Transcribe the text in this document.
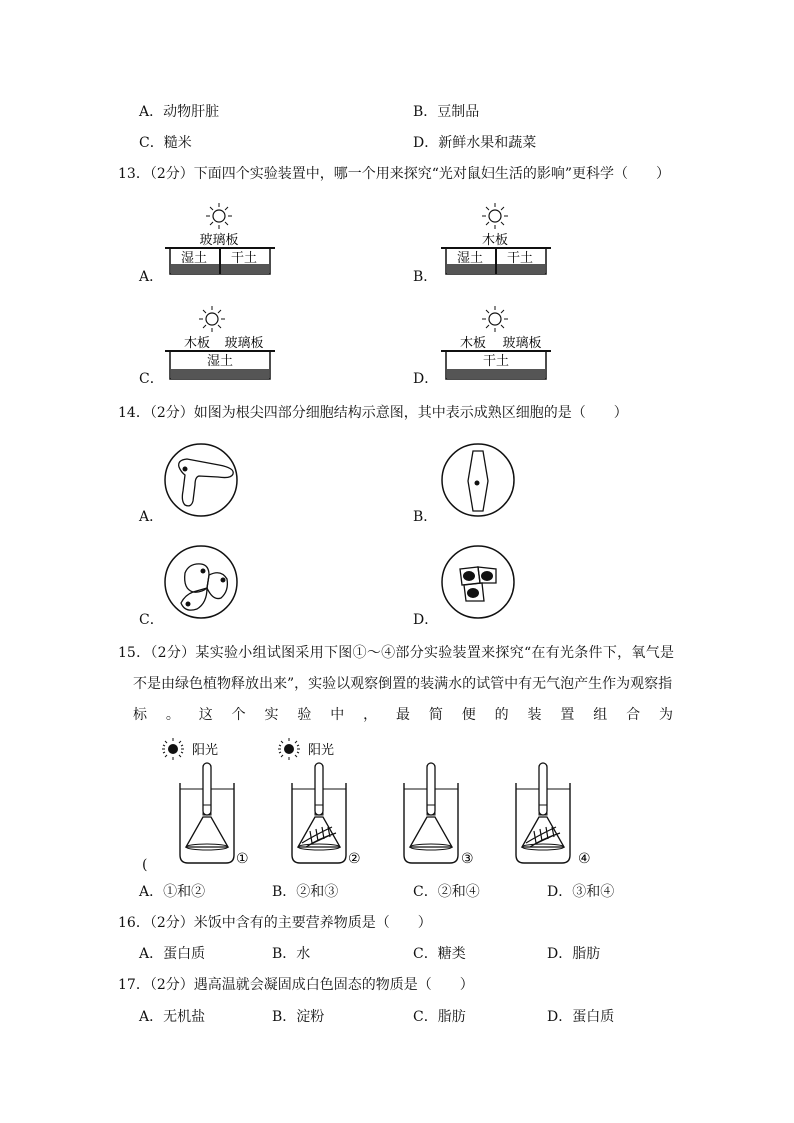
A．动物肝脏	B．豆制品
C．糙米	D．新鲜水果和蔬菜
13．（2分）下面四个实验装置中，哪一个用来探究“光对鼠妇生活的影响”更科学（　　）
A．
玻璃板
湿土 干土
B．
木板
湿土 干土
C．
木板 玻璃板
湿土
D．
木板 玻璃板
干土
14．（2分）如图为根尖四部分细胞结构示意图，其中表示成熟区细胞的是（　　）
A．	B．
C．	D．
15．（2分）某实验小组试图采用下图①～④部分实验装置来探究“在有光条件下，氧气是
不是由绿色植物释放出来”，实验以观察倒置的装满水的试管中有无气泡产生作为观察指
标。这个实验中，最简便的装置组合为
阳光	阳光
①	②	③	④
(
A．①和②	B．②和③	C．②和④	D．③和④
16．（2分）米饭中含有的主要营养物质是（　　）
A．蛋白质	B．水	C．糖类	D．脂肪
17．（2分）遇高温就会凝固成白色固态的物质是（　　）
A．无机盐	B．淀粉	C．脂肪	D．蛋白质
